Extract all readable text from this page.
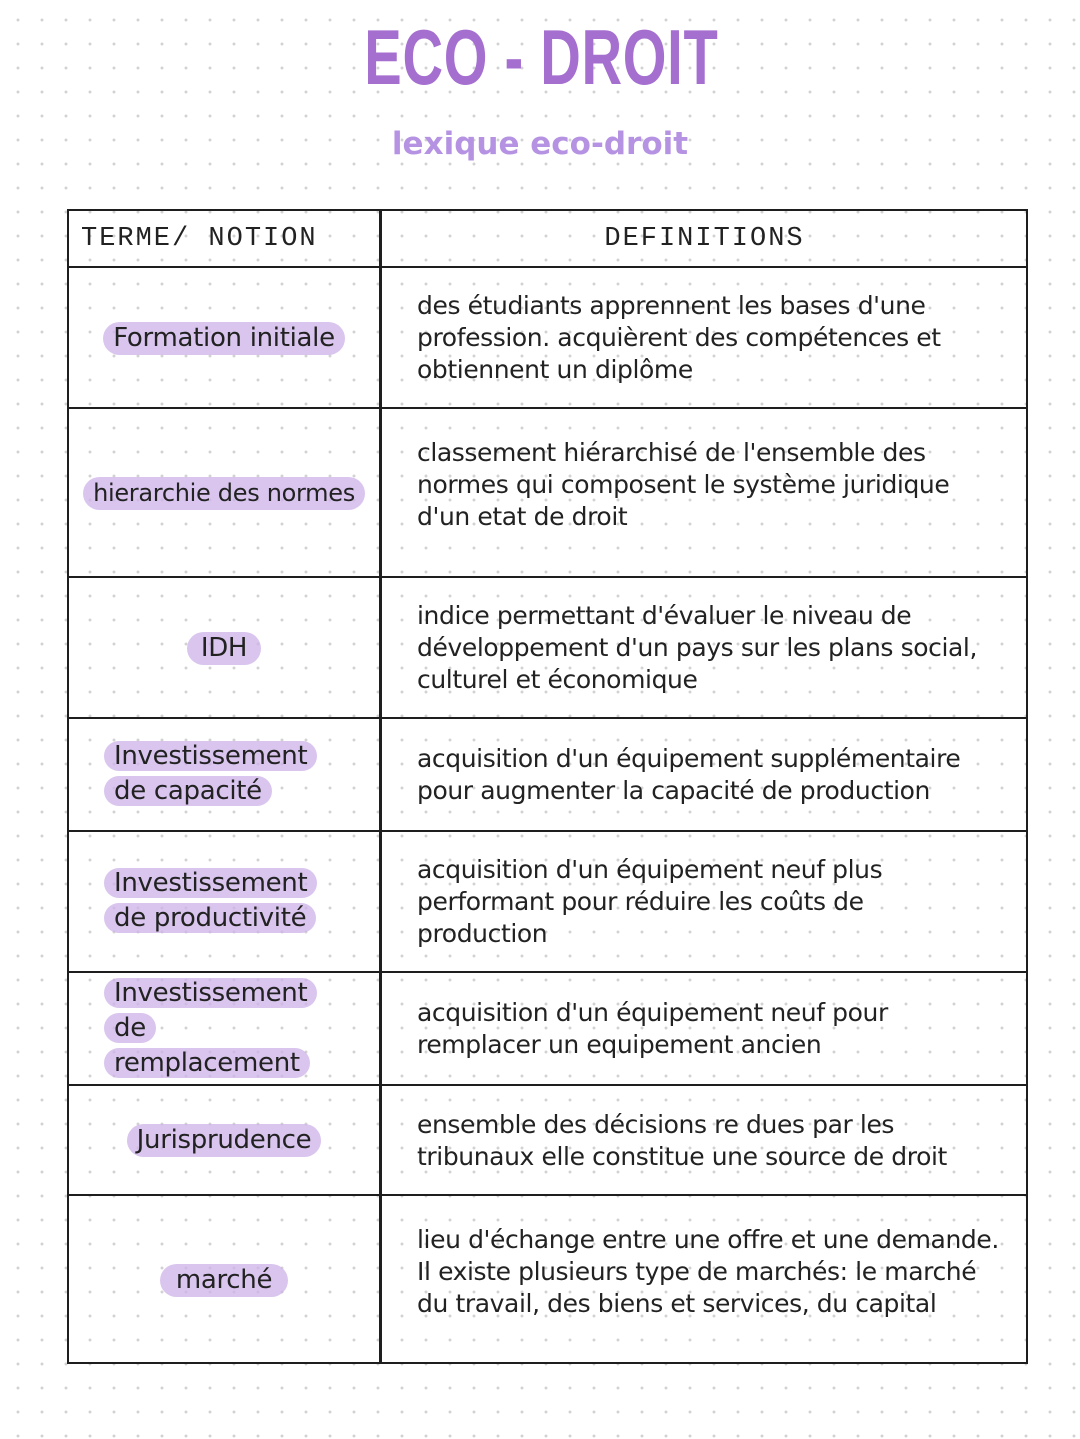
ECO - DROIT
lexique eco-droit
TERME/ NOTION	DEFINITIONS
Formation initiale
des étudiants apprennent les bases d'une
profession. acquièrent des compétences et
obtiennent un diplôme
hierarchie des normes
classement hiérarchisé de l'ensemble des
normes qui composent le système juridique
d'un etat de droit
IDH
indice permettant d'évaluer le niveau de
développement d'un pays sur les plans social,
culturel et économique
Investissement de capacité
acquisition d'un équipement supplémentaire
pour augmenter la capacité de production
Investissement de productivité
acquisition d'un équipement neuf plus
performant pour réduire les coûts de
production
Investissement de remplacement
acquisition d'un équipement neuf pour
remplacer un equipement ancien
Jurisprudence
ensemble des décisions re dues par les
tribunaux elle constitue une source de droit
marché
lieu d'échange entre une offre et une demande.
Il existe plusieurs type de marchés: le marché
du travail, des biens et services, du capital
